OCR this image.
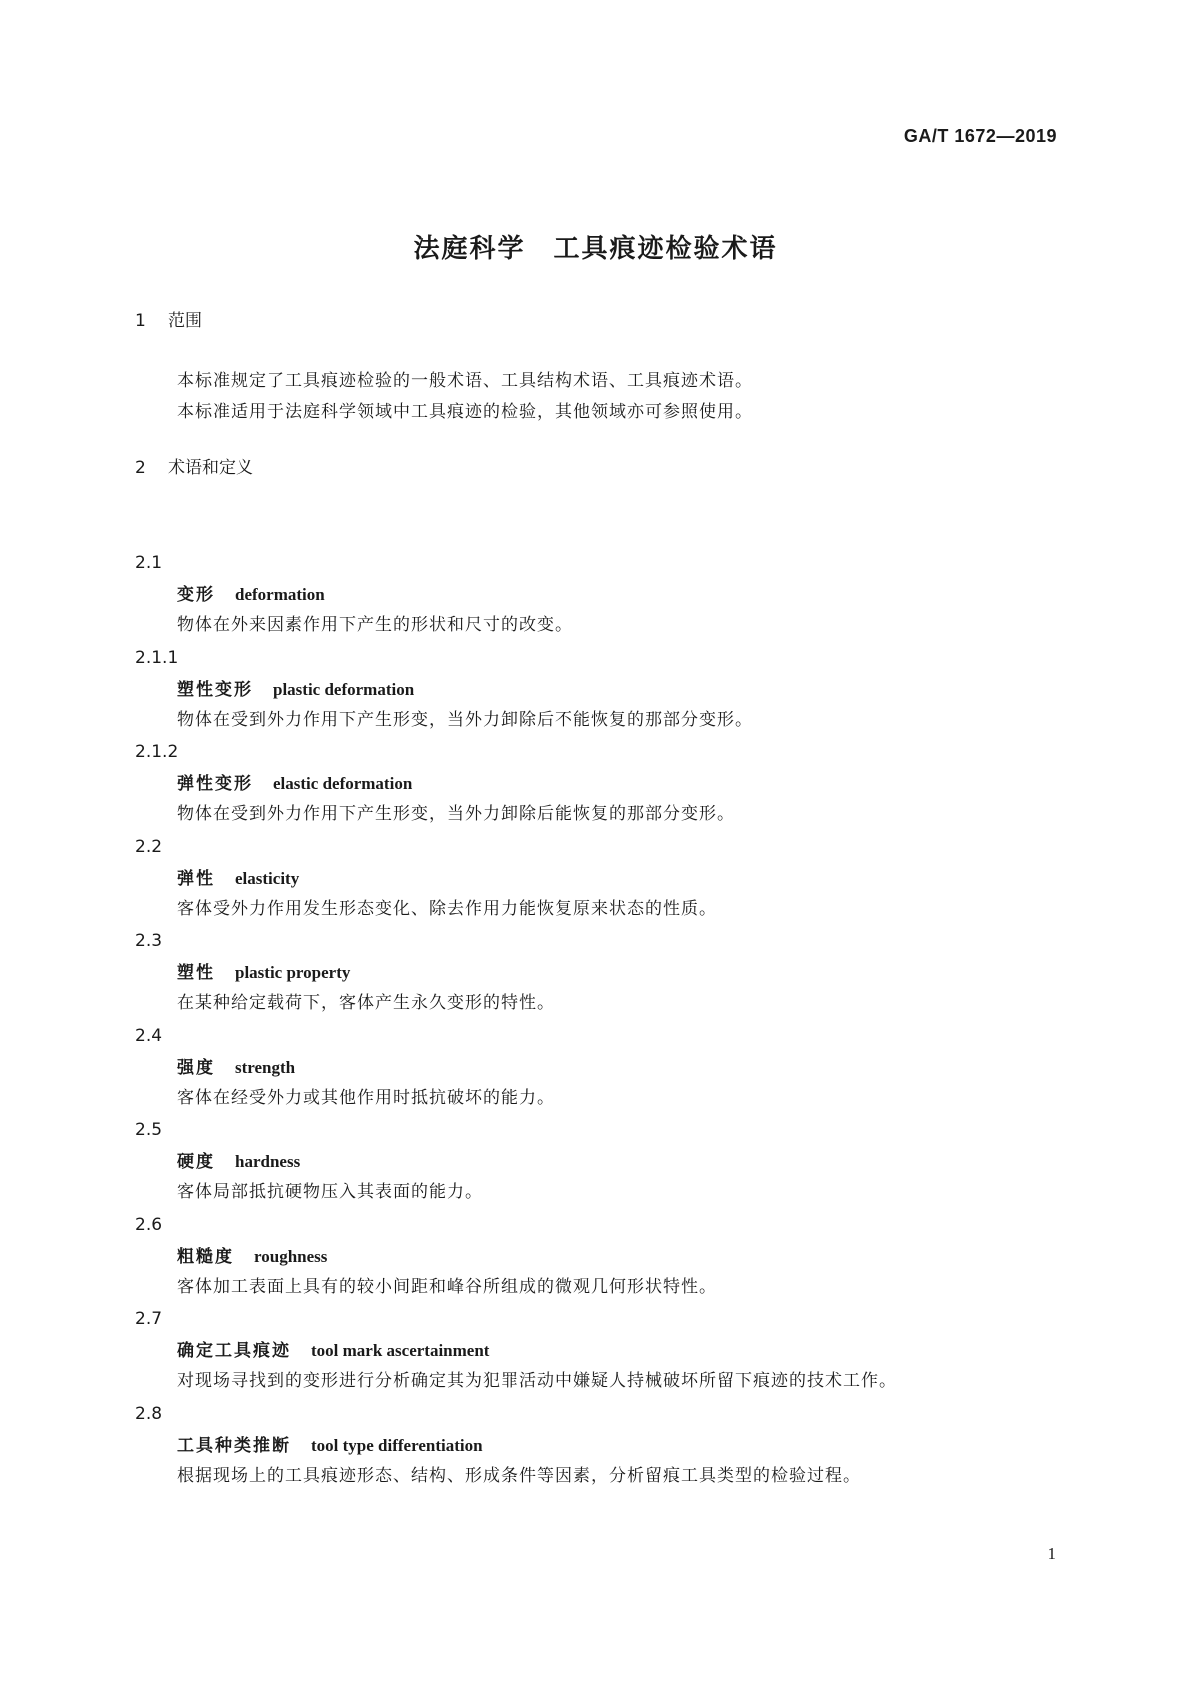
GA/T 1672—2019
法庭科学　工具痕迹检验术语
1 范围
本标准规定了工具痕迹检验的一般术语、工具结构术语、工具痕迹术语。
本标准适用于法庭科学领域中工具痕迹的检验，其他领域亦可参照使用。
2 术语和定义
2.1
变形 deformation
物体在外来因素作用下产生的形状和尺寸的改变。
2.1.1
塑性变形 plastic deformation
物体在受到外力作用下产生形变，当外力卸除后不能恢复的那部分变形。
2.1.2
弹性变形 elastic deformation
物体在受到外力作用下产生形变，当外力卸除后能恢复的那部分变形。
2.2
弹性 elasticity
客体受外力作用发生形态变化、除去作用力能恢复原来状态的性质。
2.3
塑性 plastic property
在某种给定载荷下，客体产生永久变形的特性。
2.4
强度 strength
客体在经受外力或其他作用时抵抗破坏的能力。
2.5
硬度 hardness
客体局部抵抗硬物压入其表面的能力。
2.6
粗糙度 roughness
客体加工表面上具有的较小间距和峰谷所组成的微观几何形状特性。
2.7
确定工具痕迹 tool mark ascertainment
对现场寻找到的变形进行分析确定其为犯罪活动中嫌疑人持械破坏所留下痕迹的技术工作。
2.8
工具种类推断 tool type differentiation
根据现场上的工具痕迹形态、结构、形成条件等因素，分析留痕工具类型的检验过程。
1
